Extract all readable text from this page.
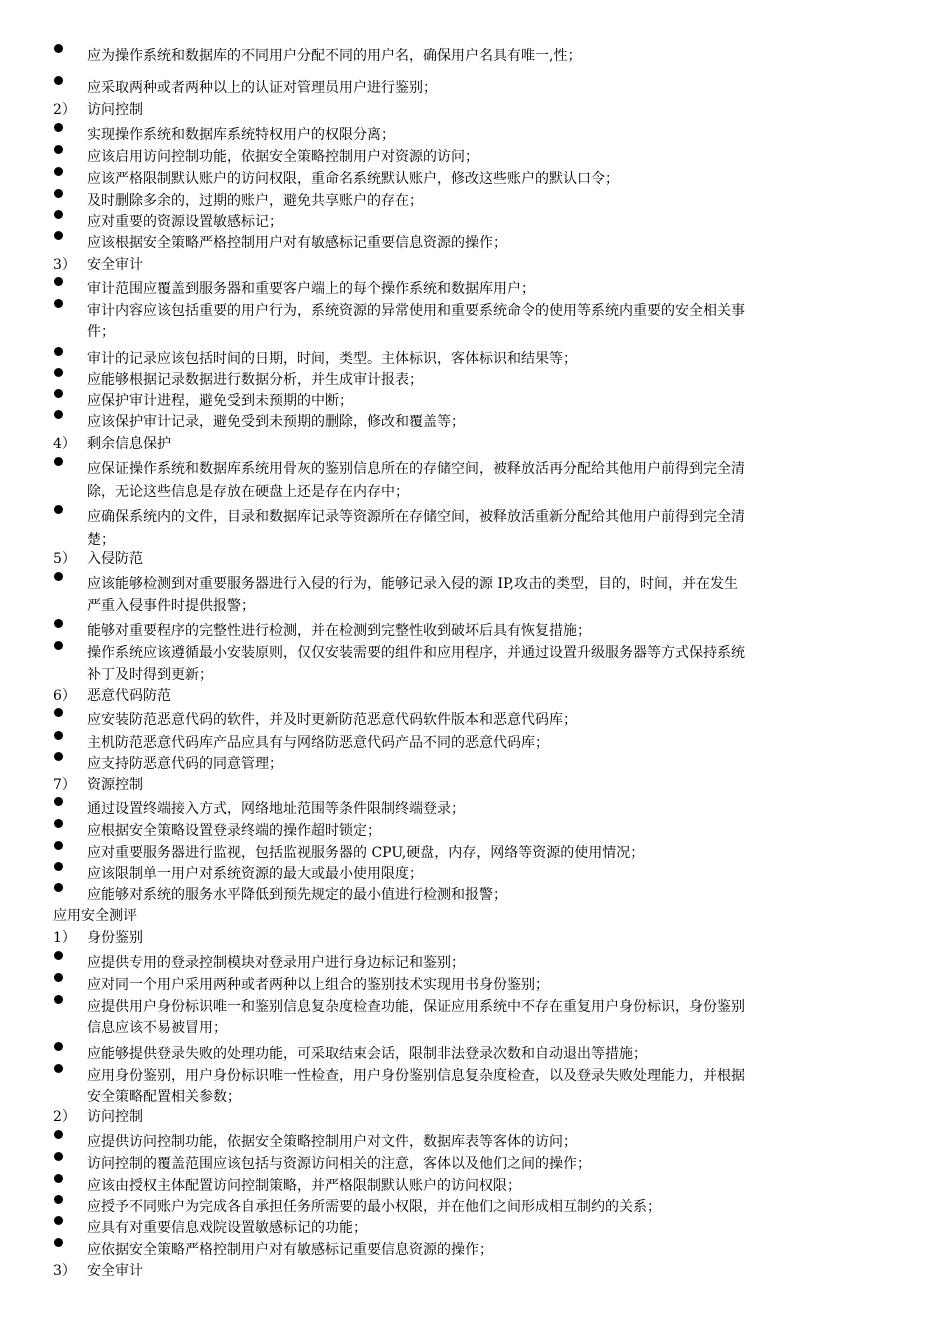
应为操作系统和数据库的不同用户分配不同的用户名，确保用户名具有唯一,性；
应采取两种或者两种以上的认证对管理员用户进行鉴别；
2） 访问控制
实现操作系统和数据库系统特权用户的权限分离；
应该启用访问控制功能，依据安全策略控制用户对资源的访问；
应该严格限制默认账户的访问权限，重命名系统默认账户，修改这些账户的默认口令；
及时删除多余的，过期的账户，避免共享账户的存在；
应对重要的资源设置敏感标记；
应该根据安全策略严格控制用户对有敏感标记重要信息资源的操作；
3） 安全审计
审计范围应覆盖到服务器和重要客户端上的每个操作系统和数据库用户；
审计内容应该包括重要的用户行为，系统资源的异常使用和重要系统命令的使用等系统内重要的安全相关事
件；
审计的记录应该包括时间的日期，时间，类型。主体标识，客体标识和结果等；
应能够根据记录数据进行数据分析，并生成审计报表；
应保护审计进程，避免受到未预期的中断；
应该保护审计记录，避免受到未预期的删除，修改和覆盖等；
4） 剩余信息保护
应保证操作系统和数据库系统用骨灰的鉴别信息所在的存储空间，被释放活再分配给其他用户前得到完全清
除，无论这些信息是存放在硬盘上还是存在内存中；
应确保系统内的文件，目录和数据库记录等资源所在存储空间，被释放活重新分配给其他用户前得到完全清
楚；
5） 入侵防范
应该能够检测到对重要服务器进行入侵的行为，能够记录入侵的源 IP,攻击的类型，目的，时间，并在发生
严重入侵事件时提供报警；
能够对重要程序的完整性进行检测，并在检测到完整性收到破坏后具有恢复措施；
操作系统应该遵循最小安装原则，仅仅安装需要的组件和应用程序，并通过设置升级服务器等方式保持系统
补丁及时得到更新；
6） 恶意代码防范
应安装防范恶意代码的软件，并及时更新防范恶意代码软件版本和恶意代码库；
主机防范恶意代码库产品应具有与网络防恶意代码产品不同的恶意代码库；
应支持防恶意代码的同意管理；
7） 资源控制
通过设置终端接入方式，网络地址范围等条件限制终端登录；
应根据安全策略设置登录终端的操作超时锁定；
应对重要服务器进行监视，包括监视服务器的 CPU,硬盘，内存，网络等资源的使用情况；
应该限制单一用户对系统资源的最大或最小使用限度；
应能够对系统的服务水平降低到预先规定的最小值进行检测和报警；
应用安全测评
1） 身份鉴别
应提供专用的登录控制模块对登录用户进行身边标记和鉴别；
应对同一个用户采用两种或者两种以上组合的鉴别技术实现用书身份鉴别；
应提供用户身份标识唯一和鉴别信息复杂度检查功能，保证应用系统中不存在重复用户身份标识，身份鉴别
信息应该不易被冒用；
应能够提供登录失败的处理功能，可采取结束会话，限制非法登录次数和自动退出等措施；
应用身份鉴别，用户身份标识唯一性检查，用户身份鉴别信息复杂度检查，以及登录失败处理能力，并根据
安全策略配置相关参数；
2） 访问控制
应提供访问控制功能，依据安全策略控制用户对文件，数据库表等客体的访问；
访问控制的覆盖范围应该包括与资源访问相关的注意，客体以及他们之间的操作；
应该由授权主体配置访问控制策略，并严格限制默认账户的访问权限；
应授予不同账户为完成各自承担任务所需要的最小权限，并在他们之间形成相互制约的关系；
应具有对重要信息戏院设置敏感标记的功能；
应依据安全策略严格控制用户对有敏感标记重要信息资源的操作；
3） 安全审计
